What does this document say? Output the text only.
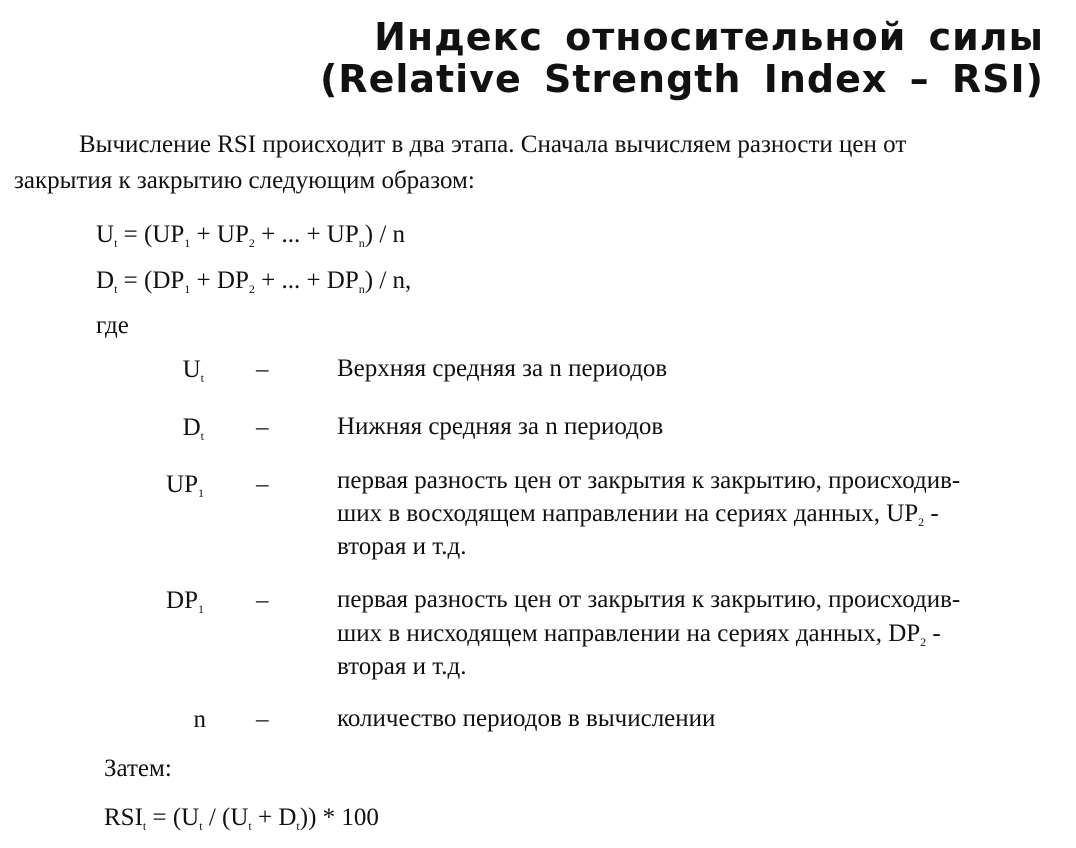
Индекс относительной силы
(Relative Strength Index – RSI)
Вычисление RSI происходит в два этапа. Сначала вычисляем разности цен от
закрытия к закрытию следующим образом:
$U_t = (UP_1 + UP_2$ + ... + $UP_n$) / n
$D_t = (DP_1 + DP_2$ + ... + $DP_n$) / n,
где
$U_t$ –	Верхняя средняя за n периодов
$D_t$ –	Нижняя средняя за n периодов
$UP_1$ –	первая разность цен от закрытия к закрытию, происходив-
ших в восходящем направлении на сериях данных, $UP_2$ -
вторая и т.д.
$DP_1$ –	первая разность цен от закрытия к закрытию, происходив-
ших в нисходящем направлении на сериях данных, $DP_2$ -
вторая и т.д.
n –	количество периодов в вычислении
Затем:
$RSI_t = (U_t / (U_t + D_t)) * 100$
